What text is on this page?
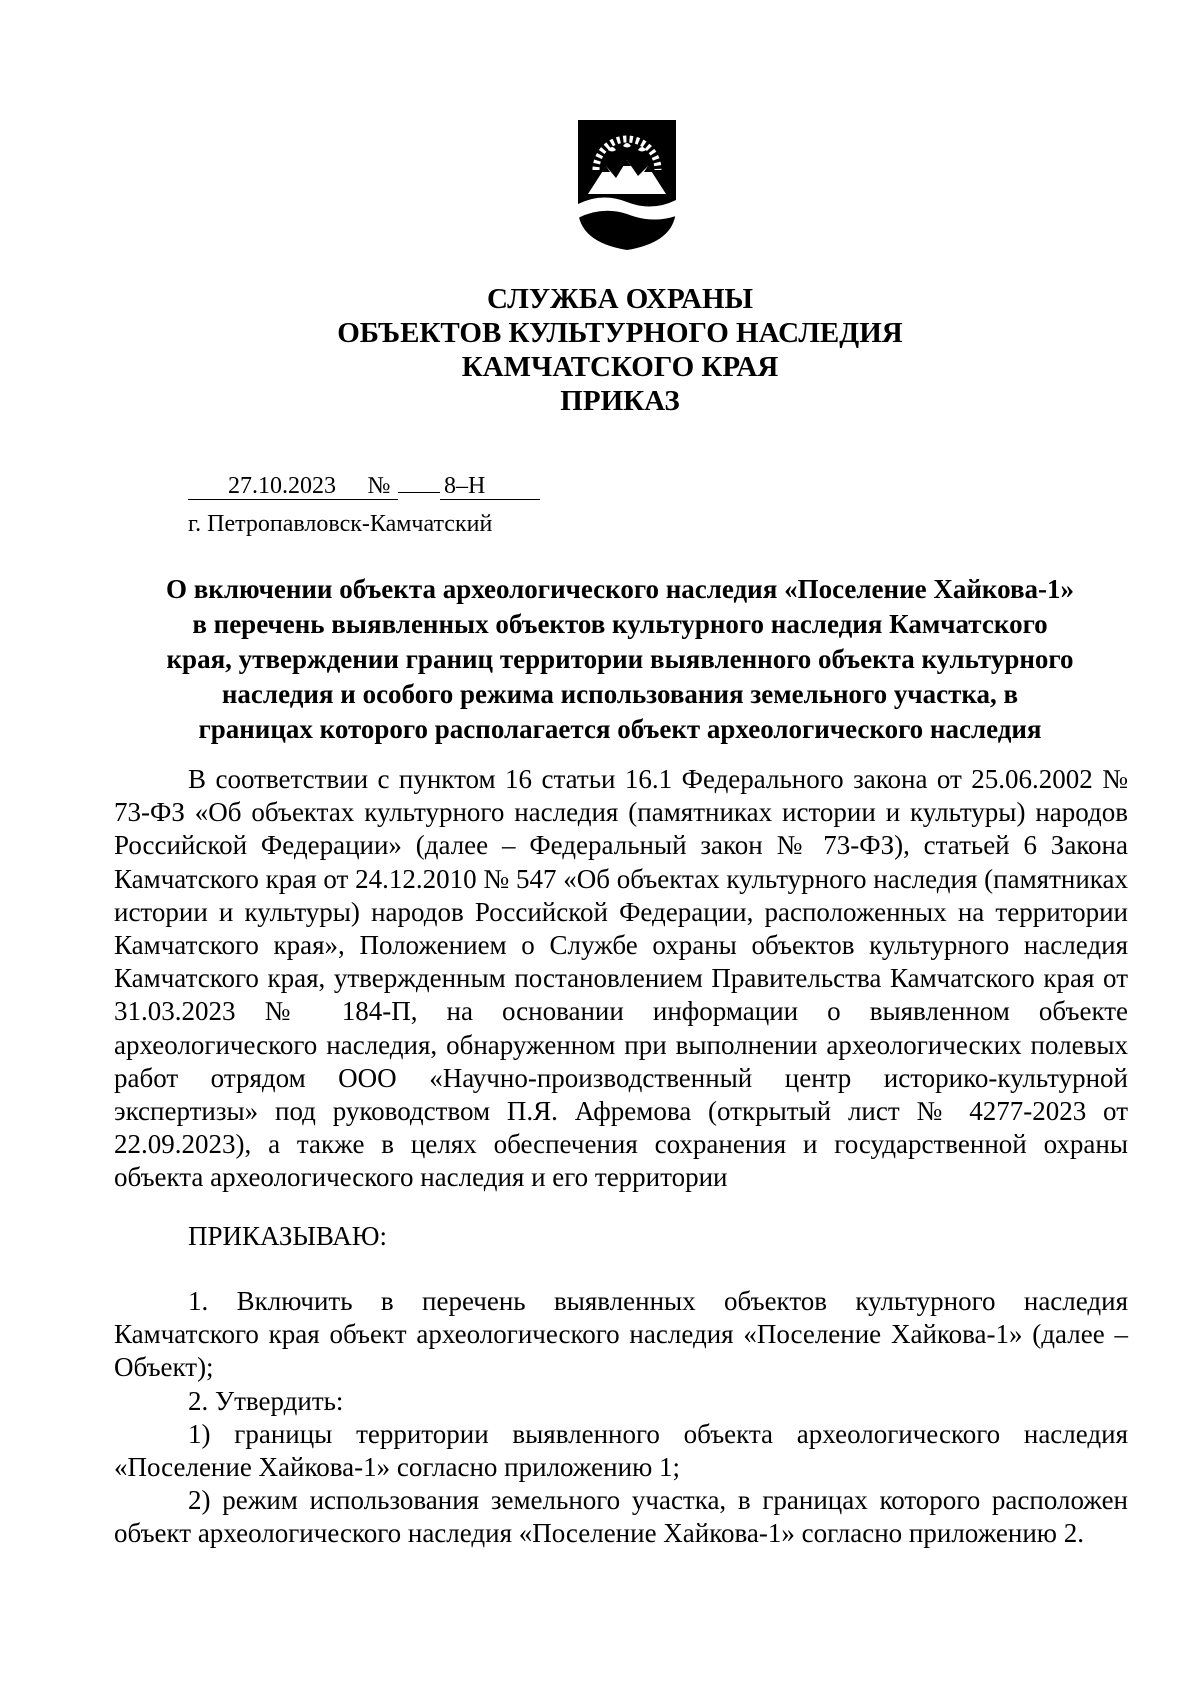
СЛУЖБА ОХРАНЫ
ОБЪЕКТОВ КУЛЬТУРНОГО НАСЛЕДИЯ
КАМЧАТСКОГО КРАЯ
ПРИКАЗ
27.10.2023 № 8–Н
г. Петропавловск-Камчатский
О включении объекта археологического наследия «Поселение Хайкова-1»
в перечень выявленных объектов культурного наследия Камчатского
края, утверждении границ территории выявленного объекта культурного
наследия и особого режима использования земельного участка, в
границах которого располагается объект археологического наследия

В соответствии с пунктом 16 статьи 16.1 Федерального закона от 25.06.2002 № 73-ФЗ «Об объектах культурного наследия (памятниках истории и культуры) народов Российской Федерации» (далее – Федеральный закон № 73-ФЗ), статьей 6 Закона Камчатского края от 24.12.2010 № 547 «Об объектах культурного наследия (памятниках истории и культуры) народов Российской Федерации, расположенных на территории Камчатского края», Положением о Службе охраны объектов культурного наследия Камчатского края, утвержденным постановлением Правительства Камчатского края от 31.03.2023 № 184-П, на основании информации о выявленном объекте археологического наследия, обнаруженном при выполнении археологических полевых работ отрядом ООО «Научно-производственный центр историко-культурной экспертизы» под руководством П.Я. Афремова (открытый лист № 4277-2023 от 22.09.2023), а также в целях обеспечения сохранения и государственной охраны объекта археологического наследия и его территории

ПРИКАЗЫВАЮ:

1. Включить в перечень выявленных объектов культурного наследия Камчатского края объект археологического наследия «Поселение Хайкова-1» (далее – Объект);

2. Утвердить:

1) границы территории выявленного объекта археологического наследия «Поселение Хайкова-1» согласно приложению 1;

2) режим использования земельного участка, в границах которого расположен объект археологического наследия «Поселение Хайкова-1» согласно приложению 2.
